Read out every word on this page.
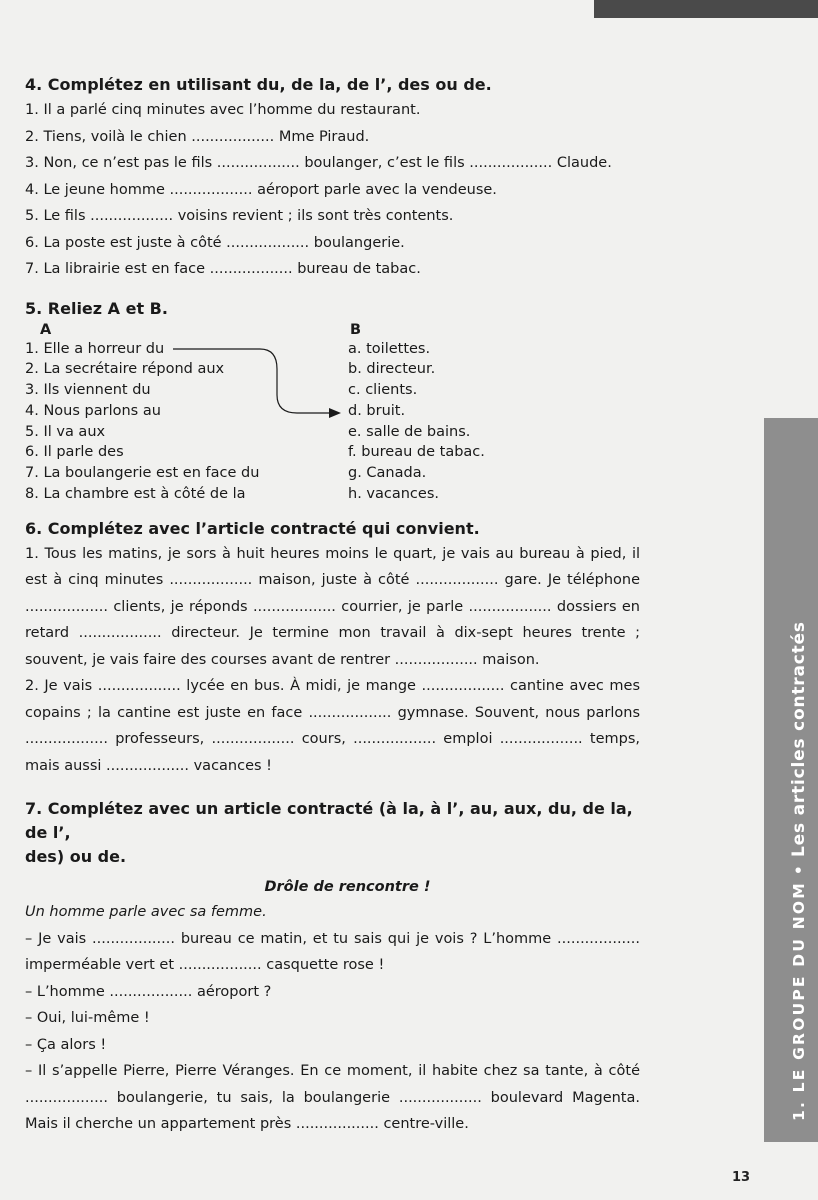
1. LE GROUPE DU NOM•Les articles contractés
4. Complétez en utilisant du, de la, de l’, des ou de.

1. Il a parlé cinq minutes avec l’homme du restaurant.

2. Tiens, voilà le chien .................. Mme Piraud.

3. Non, ce n’est pas le fils .................. boulanger, c’est le fils .................. Claude.

4. Le jeune homme .................. aéroport parle avec la vendeuse.

5. Le fils .................. voisins revient ; ils sont très contents.

6. La poste est juste à côté .................. boulangerie.

7. La librairie est en face .................. bureau de tabac.

5. Reliez A et B.
A	B
1. Elle a horreur du
2. La secrétaire répond aux
3. Ils viennent du
4. Nous parlons au
5. Il va aux
6. Il parle des
7. La boulangerie est en face du
8. La chambre est à côté de la
a. toilettes.
b. directeur.
c. clients.
d. bruit.
e. salle de bains.
f. bureau de tabac.
g. Canada.
h. vacances.
6. Complétez avec l’article contracté qui convient.

1. Tous les matins, je sors à huit heures moins le quart, je vais au bureau à pied, il est à cinq minutes .................. maison, juste à côté .................. gare. Je téléphone .................. clients, je réponds .................. courrier, je parle .................. dossiers en retard .................. directeur. Je termine mon travail à dix-sept heures trente ; souvent, je vais faire des courses avant de rentrer .................. maison.

2. Je vais .................. lycée en bus. À midi, je mange .................. cantine avec mes copains ; la cantine est juste en face .................. gymnase. Souvent, nous parlons .................. professeurs, .................. cours, .................. emploi .................. temps, mais aussi .................. vacances !

7. Complétez avec un article contracté (à la, à l’, au, aux, du, de la, de l’,
des) ou de.

Drôle de rencontre !

Un homme parle avec sa femme.

– Je vais .................. bureau ce matin, et tu sais qui je vois ? L’homme .................. imperméable vert et .................. casquette rose !

– L’homme .................. aéroport ?

– Oui, lui-même !

– Ça alors !

– Il s’appelle Pierre, Pierre Véranges. En ce moment, il habite chez sa tante, à côté .................. boulangerie, tu sais, la boulangerie .................. boulevard Magenta. Mais il cherche un appartement près .................. centre-ville.

13
